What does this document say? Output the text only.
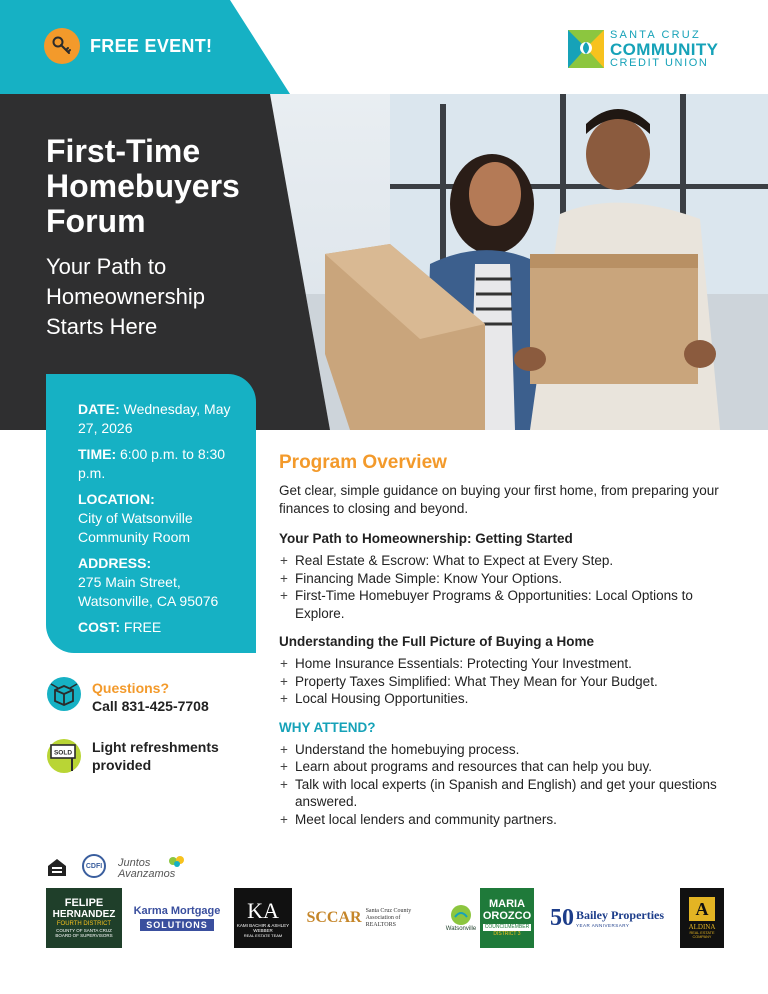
FREE EVENT!
SANTA CRUZ
COMMUNITY
CREDIT UNION
First-Time Homebuyers Forum
Your Path to Homeownership Starts Here
DATE: Wednesday, May 27, 2026
TIME: 6:00 p.m. to 8:30 p.m.
LOCATION:
City of Watsonville Community Room
ADDRESS:
275 Main Street, Watsonville, CA 95076
COST: FREE
Questions?
Call 831-425-7708
SOLD Light refreshments provided
Program Overview
Get clear, simple guidance on buying your first home, from preparing your finances to closing and beyond.
Your Path to Homeownership: Getting Started
+ Real Estate & Escrow: What to Expect at Every Step.
+ Financing Made Simple: Know Your Options.
+ First-Time Homebuyer Programs & Opportunities: Local Options to Explore.
Understanding the Full Picture of Buying a Home
+ Home Insurance Essentials: Protecting Your Investment.
+ Property Taxes Simplified: What They Mean for Your Budget.
+ Local Housing Opportunities.
WHY ATTEND?
+ Understand the homebuying process.
+ Learn about programs and resources that can help you buy.
+ Talk with local experts (in Spanish and English) and get your questions answered.
+ Meet local lenders and community partners.
CDFI	Juntos Avanzamos
FELIPE
HERNANDEZ
FOURTH DISTRICT
COUNTY OF SANTA CRUZ BOARD OF SUPERVISORS
Karma Mortgage
SOLUTIONS
KA
KAMI BACHIR & ASHLEY WEBBER
REAL ESTATE TEAM
SCCAR Santa Cruz County Association of REALTORS
Watsonville
MARIA
OROZCO
COUNCILMEMBER
DISTRICT 3
50 Bailey Properties
YEAR ANNIVERSARY
A
ALDINA
REAL ESTATE COMPANY
